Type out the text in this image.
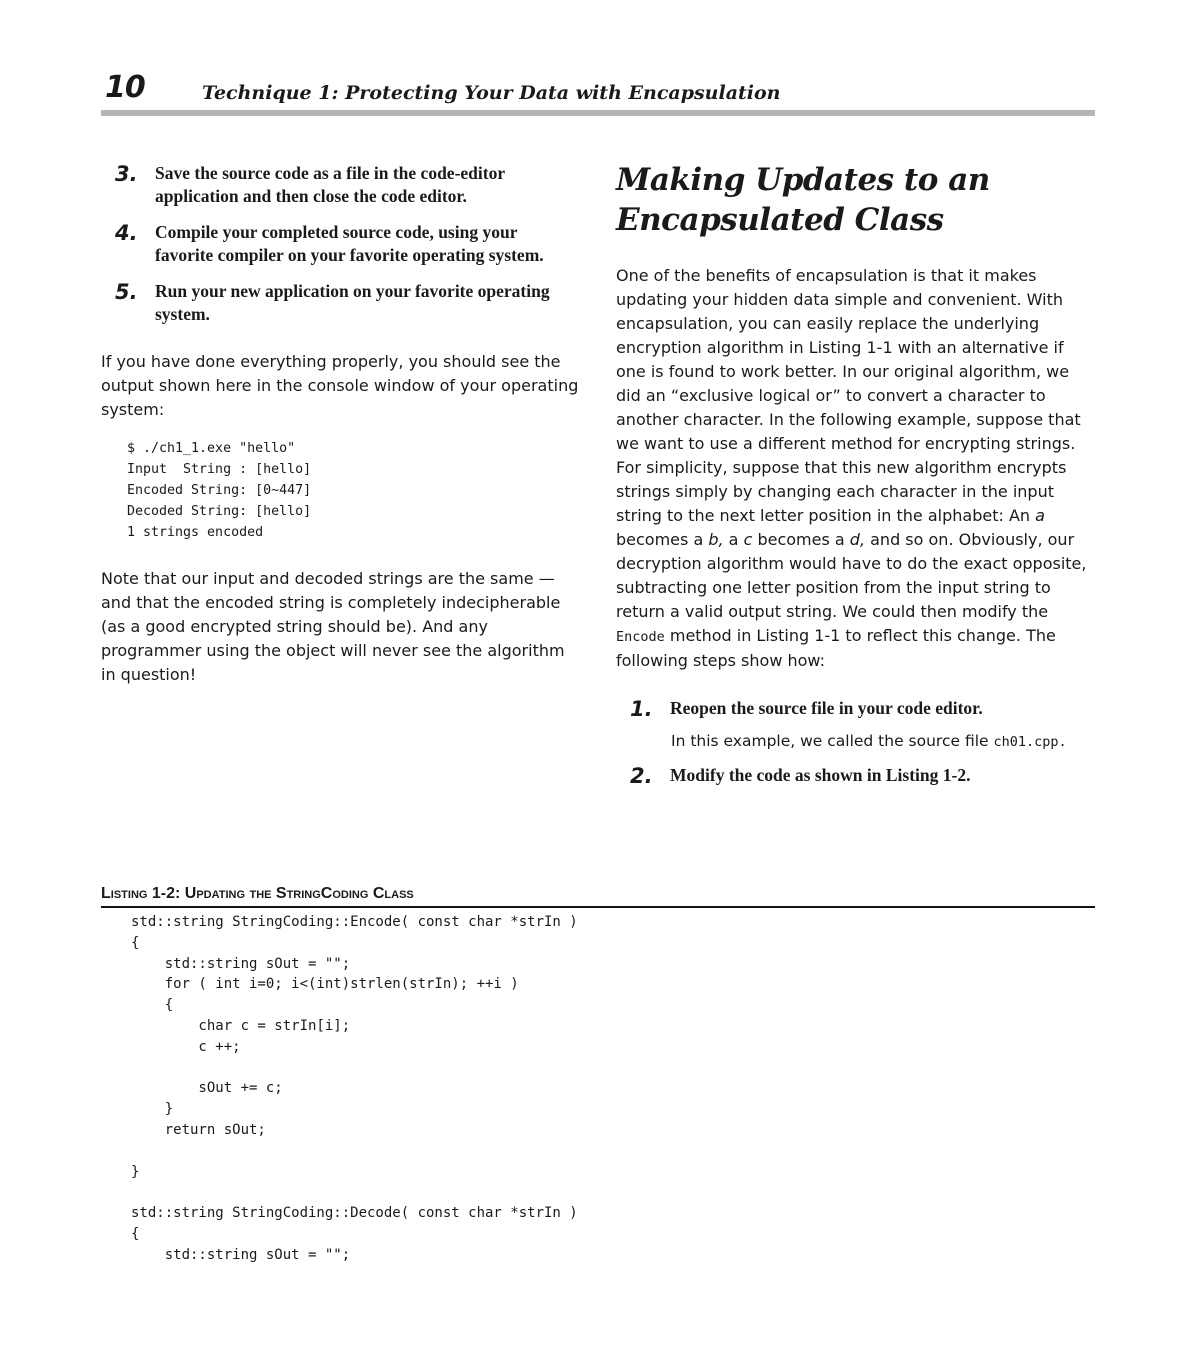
10	Technique 1: Protecting Your Data with Encapsulation
3. Save the source code as a file in the code-editor application and then close the code editor.
4. Compile your completed source code, using your favorite compiler on your favorite operating system.
5. Run your new application on your favorite operating system.

If you have done everything properly, you should see the output shown here in the console window of your operating system:

$ ./ch1_1.exe "hello"
Input  String : [hello]
Encoded String: [0~447]
Decoded String: [hello]
1 strings encoded

Note that our input and decoded strings are the same — and that the encoded string is completely indecipherable (as a good encrypted string should be). And any programmer using the object will never see the algorithm in question!

Making Updates to an Encapsulated Class

One of the benefits of encapsulation is that it makes updating your hidden data simple and convenient. With encapsulation, you can easily replace the underlying encryption algorithm in Listing 1-1 with an alternative if one is found to work better. In our original algorithm, we did an “exclusive logical or” to convert a character to another character. In the following example, suppose that we want to use a different method for encrypting strings. For simplicity, suppose that this new algorithm encrypts strings simply by changing each character in the input string to the next letter position in the alphabet: An a becomes a b, a c becomes a d, and so on. Obviously, our decryption algorithm would have to do the exact opposite, subtracting one letter position from the input string to return a valid output string. We could then modify the Encode method in Listing 1-1 to reflect this change. The following steps show how:

1. Reopen the source file in your code editor.

In this example, we called the source file ch01.cpp.

2. Modify the code as shown in Listing 1-2.
Listing 1-2: Updating the StringCoding Class
std::string StringCoding::Encode( const char *strIn )
{
std::string sOut = "";
for ( int i=0; i<(int)strlen(strIn); ++i )
{
char c = strIn[i];
c ++;

sOut += c;
}
return sOut;

}

std::string StringCoding::Decode( const char *strIn )
{
std::string sOut = "";
